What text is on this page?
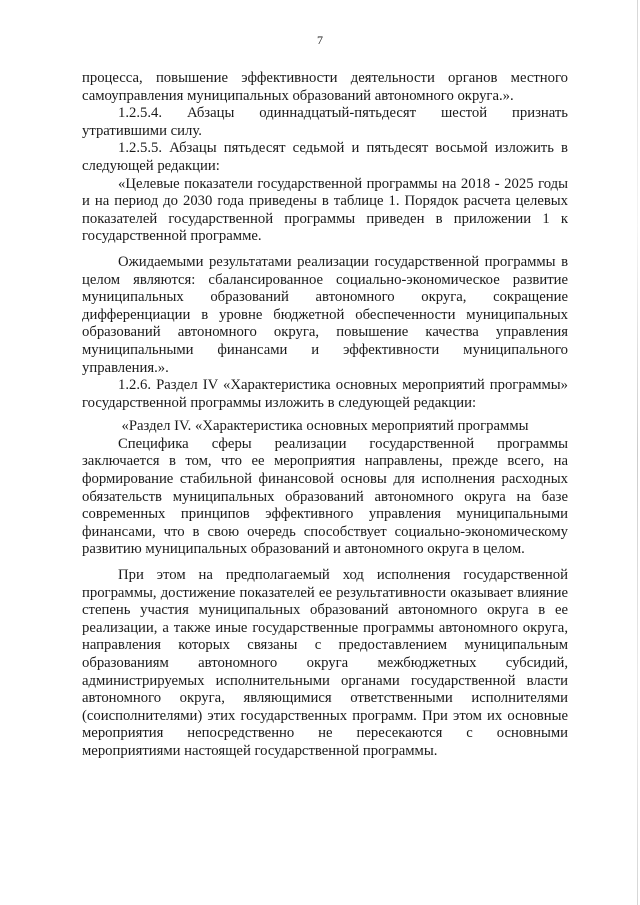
7

процесса, повышение эффективности деятельности органов местного самоуправления муниципальных образований автономного округа.».

1.2.5.4. Абзацы одиннадцатый-пятьдесят шестой признать утратившими силу.

1.2.5.5. Абзацы пятьдесят седьмой и пятьдесят восьмой изложить в следующей редакции:

«Целевые показатели государственной программы на 2018 - 2025 годы и на период до 2030 года приведены в таблице 1. Порядок расчета целевых показателей государственной программы приведен в приложении 1 к государственной программе.

Ожидаемыми результатами реализации государственной программы в целом являются: сбалансированное социально-экономическое развитие муниципальных образований автономного округа, сокращение дифференциации в уровне бюджетной обеспеченности муниципальных образований автономного округа, повышение качества управления муниципальными финансами и эффективности муниципального управления.».

1.2.6. Раздел IV «Характеристика основных мероприятий программы» государственной программы изложить в следующей редакции:

«Раздел IV. «Характеристика основных мероприятий программы

Специфика сферы реализации государственной программы заключается в том, что ее мероприятия направлены, прежде всего, на формирование стабильной финансовой основы для исполнения расходных обязательств муниципальных образований автономного округа на базе современных принципов эффективного управления муниципальными финансами, что в свою очередь способствует социально-экономическому развитию муниципальных образований и автономного округа в целом.

При этом на предполагаемый ход исполнения государственной программы, достижение показателей ее результативности оказывает влияние степень участия муниципальных образований автономного округа в ее реализации, а также иные государственные программы автономного округа, направления которых связаны с предоставлением муниципальным образованиям автономного округа межбюджетных субсидий, администрируемых исполнительными органами государственной власти автономного округа, являющимися ответственными исполнителями (соисполнителями) этих государственных программ. При этом их основные мероприятия непосредственно не пересекаются с основными мероприятиями настоящей государственной программы.
